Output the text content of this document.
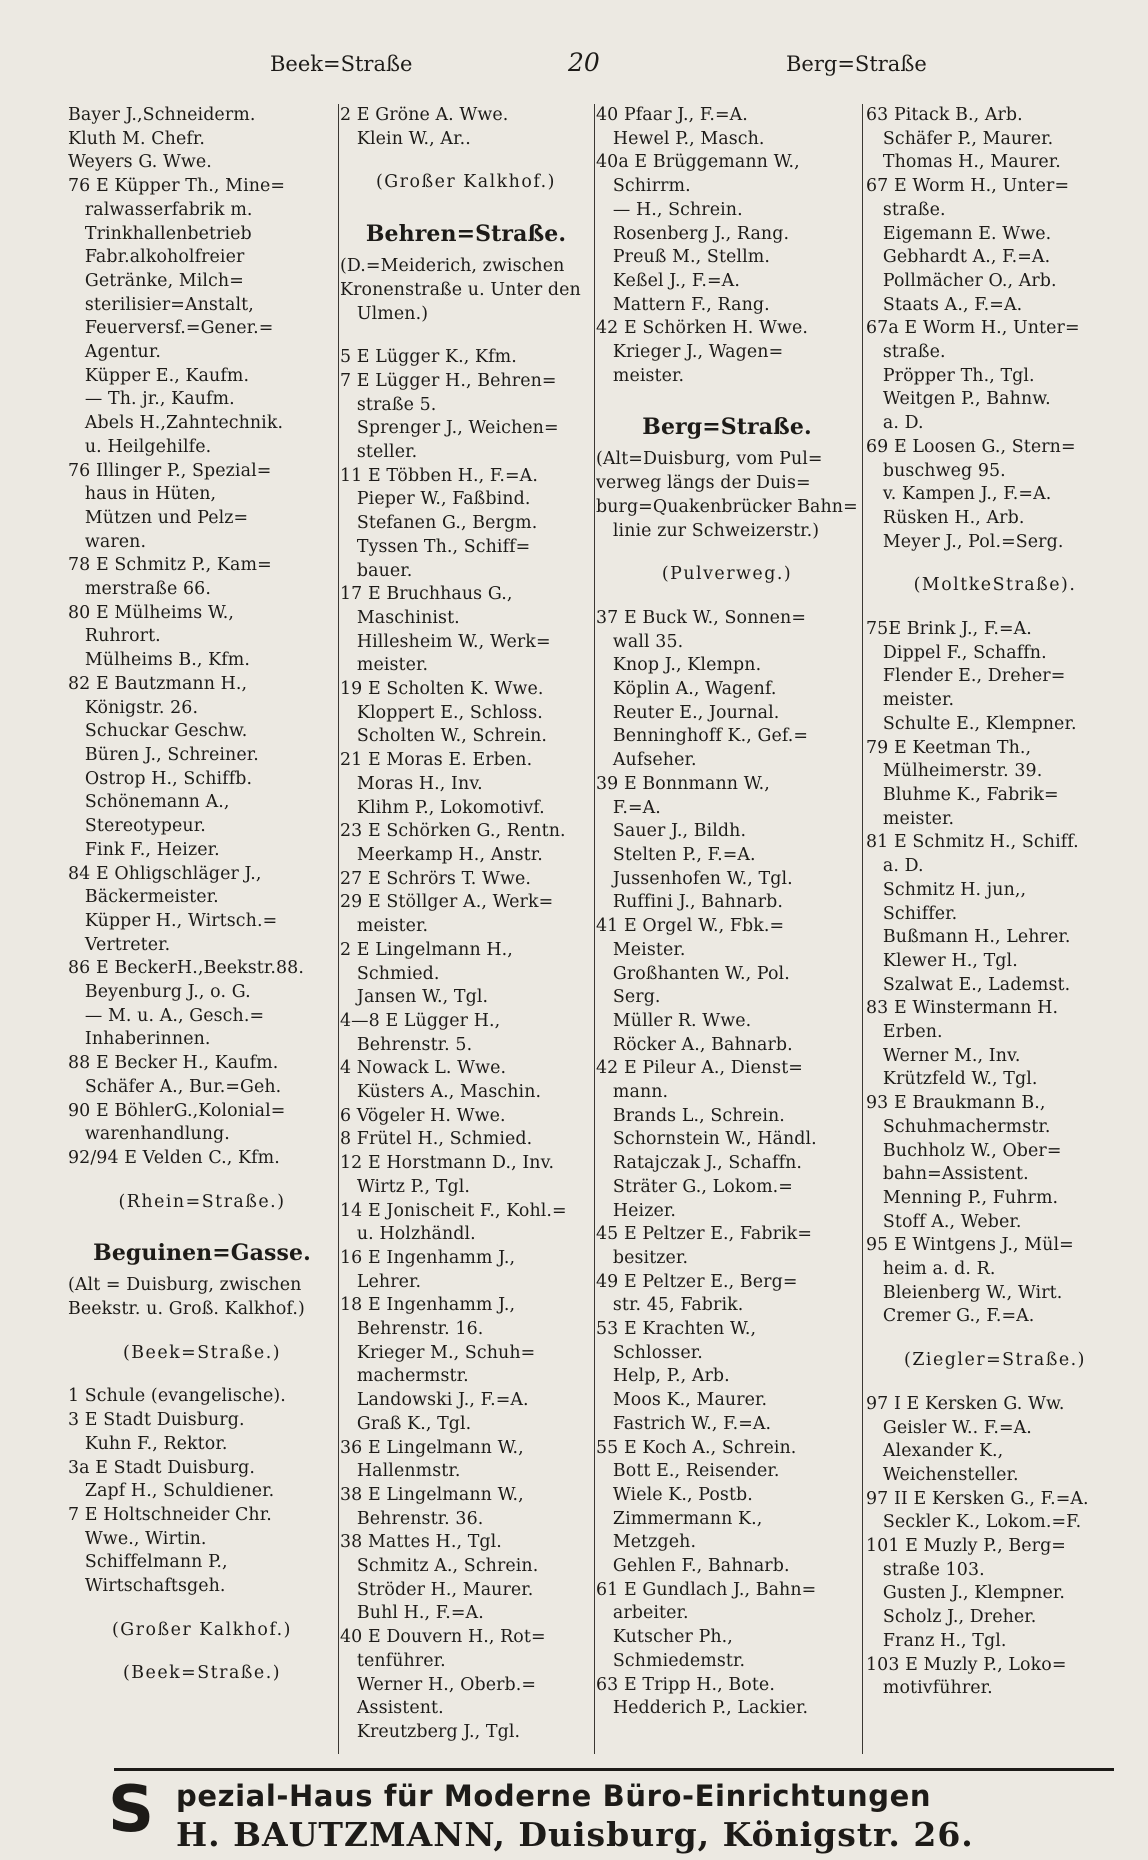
Beek=Straße	20	Berg=Straße
Bayer J.,Schneiderm.
Kluth M. Chefr.
Weyers G. Wwe.
76 E Küpper Th., Mine=
ralwasserfabrik m.
Trinkhallenbetrieb
Fabr.alkoholfreier
Getränke, Milch=
sterilisier=Anstalt,
Feuerversf.=Gener.=
Agentur.
Küpper E., Kaufm.
— Th. jr., Kaufm.
Abels H.,Zahntechnik.
u. Heilgehilfe.
76 Illinger P., Spezial=
haus in Hüten,
Mützen und Pelz=
waren.
78 E Schmitz P., Kam=
merstraße 66.
80 E Mülheims W.,
Ruhrort.
Mülheims B., Kfm.
82 E Bautzmann H.,
Königstr. 26.
Schuckar Geschw.
Büren J., Schreiner.
Ostrop H., Schiffb.
Schönemann A.,
Stereotypeur.
Fink F., Heizer.
84 E Ohligschläger J.,
Bäckermeister.
Küpper H., Wirtsch.=
Vertreter.
86 E BeckerH.,Beekstr.88.
Beyenburg J., o. G.
— M. u. A., Gesch.=
Inhaberinnen.
88 E Becker H., Kaufm.
Schäfer A., Bur.=Geh.
90 E BöhlerG.,Kolonial=
warenhandlung.
92/94 E Velden C., Kfm.
(Rhein=Straße.)
Beguinen=Gasse.
(Alt = Duisburg, zwischen
Beekstr. u. Groß. Kalkhof.)
(Beek=Straße.)
1 Schule (evangelische).
3 E Stadt Duisburg.
Kuhn F., Rektor.
3a E Stadt Duisburg.
Zapf H., Schuldiener.
7 E Holtschneider Chr.
Wwe., Wirtin.
Schiffelmann P.,
Wirtschaftsgeh.
(Großer Kalkhof.)
(Beek=Straße.)
2 E Gröne A. Wwe.
Klein W., Ar..
(Großer Kalkhof.)
Behren=Straße.
(D.=Meiderich, zwischen
Kronenstraße u. Unter den
Ulmen.)
5 E Lügger K., Kfm.
7 E Lügger H., Behren=
straße 5.
Sprenger J., Weichen=
steller.
11 E Többen H., F.=A.
Pieper W., Faßbind.
Stefanen G., Bergm.
Tyssen Th., Schiff=
bauer.
17 E Bruchhaus G.,
Maschinist.
Hillesheim W., Werk=
meister.
19 E Scholten K. Wwe.
Kloppert E., Schloss.
Scholten W., Schrein.
21 E Moras E. Erben.
Moras H., Inv.
Klihm P., Lokomotivf.
23 E Schörken G., Rentn.
Meerkamp H., Anstr.
27 E Schrörs T. Wwe.
29 E Stöllger A., Werk=
meister.
2 E Lingelmann H.,
Schmied.
Jansen W., Tgl.
4—8 E Lügger H.,
Behrenstr. 5.
4 Nowack L. Wwe.
Küsters A., Maschin.
6 Vögeler H. Wwe.
8 Frütel H., Schmied.
12 E Horstmann D., Inv.
Wirtz P., Tgl.
14 E Jonischeit F., Kohl.=
u. Holzhändl.
16 E Ingenhamm J.,
Lehrer.
18 E Ingenhamm J.,
Behrenstr. 16.
Krieger M., Schuh=
machermstr.
Landowski J., F.=A.
Graß K., Tgl.
36 E Lingelmann W.,
Hallenmstr.
38 E Lingelmann W.,
Behrenstr. 36.
38 Mattes H., Tgl.
Schmitz A., Schrein.
Ströder H., Maurer.
Buhl H., F.=A.
40 E Douvern H., Rot=
tenführer.
Werner H., Oberb.=
Assistent.
Kreutzberg J., Tgl.
40 Pfaar J., F.=A.
Hewel P., Masch.
40a E Brüggemann W.,
Schirrm.
— H., Schrein.
Rosenberg J., Rang.
Preuß M., Stellm.
Keßel J., F.=A.
Mattern F., Rang.
42 E Schörken H. Wwe.
Krieger J., Wagen=
meister.
Berg=Straße.
(Alt=Duisburg, vom Pul=
verweg längs der Duis=
burg=Quakenbrücker Bahn=
linie zur Schweizerstr.)
(Pulverweg.)
37 E Buck W., Sonnen=
wall 35.
Knop J., Klempn.
Köplin A., Wagenf.
Reuter E., Journal.
Benninghoff K., Gef.=
Aufseher.
39 E Bonnmann W.,
F.=A.
Sauer J., Bildh.
Stelten P., F.=A.
Jussenhofen W., Tgl.
Ruffini J., Bahnarb.
41 E Orgel W., Fbk.=
Meister.
Großhanten W., Pol.
Serg.
Müller R. Wwe.
Röcker A., Bahnarb.
42 E Pileur A., Dienst=
mann.
Brands L., Schrein.
Schornstein W., Händl.
Ratajczak J., Schaffn.
Sträter G., Lokom.=
Heizer.
45 E Peltzer E., Fabrik=
besitzer.
49 E Peltzer E., Berg=
str. 45, Fabrik.
53 E Krachten W.,
Schlosser.
Help, P., Arb.
Moos K., Maurer.
Fastrich W., F.=A.
55 E Koch A., Schrein.
Bott E., Reisender.
Wiele K., Postb.
Zimmermann K.,
Metzgeh.
Gehlen F., Bahnarb.
61 E Gundlach J., Bahn=
arbeiter.
Kutscher Ph.,
Schmiedemstr.
63 E Tripp H., Bote.
Hedderich P., Lackier.
63 Pitack B., Arb.
Schäfer P., Maurer.
Thomas H., Maurer.
67 E Worm H., Unter=
straße.
Eigemann E. Wwe.
Gebhardt A., F.=A.
Pollmächer O., Arb.
Staats A., F.=A.
67a E Worm H., Unter=
straße.
Pröpper Th., Tgl.
Weitgen P., Bahnw.
a. D.
69 E Loosen G., Stern=
buschweg 95.
v. Kampen J., F.=A.
Rüsken H., Arb.
Meyer J., Pol.=Serg.
(MoltkeStraße).
75E Brink J., F.=A.
Dippel F., Schaffn.
Flender E., Dreher=
meister.
Schulte E., Klempner.
79 E Keetman Th.,
Mülheimerstr. 39.
Bluhme K., Fabrik=
meister.
81 E Schmitz H., Schiff.
a. D.
Schmitz H. jun,,
Schiffer.
Bußmann H., Lehrer.
Klewer H., Tgl.
Szalwat E., Lademst.
83 E Winstermann H.
Erben.
Werner M., Inv.
Krützfeld W., Tgl.
93 E Braukmann B.,
Schuhmachermstr.
Buchholz W., Ober=
bahn=Assistent.
Menning P., Fuhrm.
Stoff A., Weber.
95 E Wintgens J., Mül=
heim a. d. R.
Bleienberg W., Wirt.
Cremer G., F.=A.
(Ziegler=Straße.)
97 I E Kersken G. Ww.
Geisler W.. F.=A.
Alexander K.,
Weichensteller.
97 II E Kersken G., F.=A.
Seckler K., Lokom.=F.
101 E Muzly P., Berg=
straße 103.
Gusten J., Klempner.
Scholz J., Dreher.
Franz H., Tgl.
103 E Muzly P., Loko=
motivführer.
S pezial-Haus für Moderne Büro-Einrichtungen
H. BAUTZMANN, Duisburg, Königstr. 26.
